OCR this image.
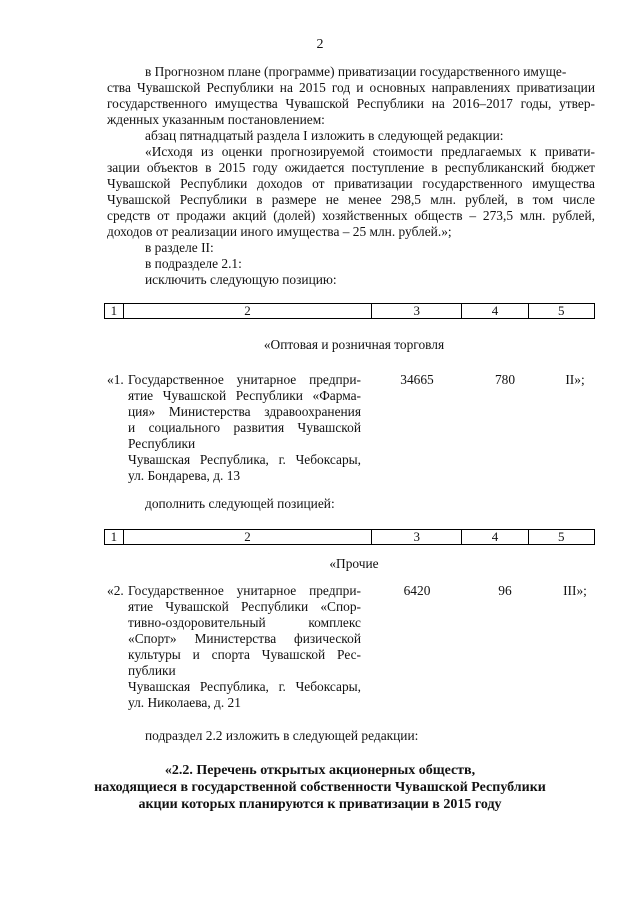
2
в Прогнозном плане (программе) приватизации государственного имуще-
ства Чувашской Республики на 2015 год и основных направлениях приватизации
государственного имущества Чувашской Республики на 2016–2017 годы, утвер-
жденных указанным постановлением:
абзац пятнадцатый раздела I изложить в следующей редакции:
«Исходя из оценки прогнозируемой стоимости предлагаемых к привати-
зации объектов в 2015 году ожидается поступление в республиканский бюджет
Чувашской Республики доходов от приватизации государственного имущества
Чувашской Республики в размере не менее 298,5 млн. рублей, в том числе
средств от продажи акций (долей) хозяйственных обществ – 273,5 млн. рублей,
доходов от реализации иного имущества – 25 млн. рублей.»;
в разделе II:
в подразделе 2.1:
исключить следующую позицию:
1	2	3	4	5
«Оптовая и розничная торговля
«1. Государственное унитарное предпри-
ятие Чувашской Республики «Фарма-
ция» Министерства здравоохранения
и социального развития Чувашской
Республики
Чувашская Республика, г. Чебоксары,
ул. Бондарева, д. 13
34665	780	II»;
дополнить следующей позицией:
1	2	3	4	5
«Прочие
«2. Государственное унитарное предпри-
ятие Чувашской Республики «Спор-
тивно-оздоровительный комплекс
«Спорт» Министерства физической
культуры и спорта Чувашской Рес-
публики
Чувашская Республика, г. Чебоксары,
ул. Николаева, д. 21
6420	96	III»;
подраздел 2.2 изложить в следующей редакции:
«2.2. Перечень открытых акционерных обществ,
находящиеся в государственной собственности Чувашской Республики
акции которых планируются к приватизации в 2015 году
